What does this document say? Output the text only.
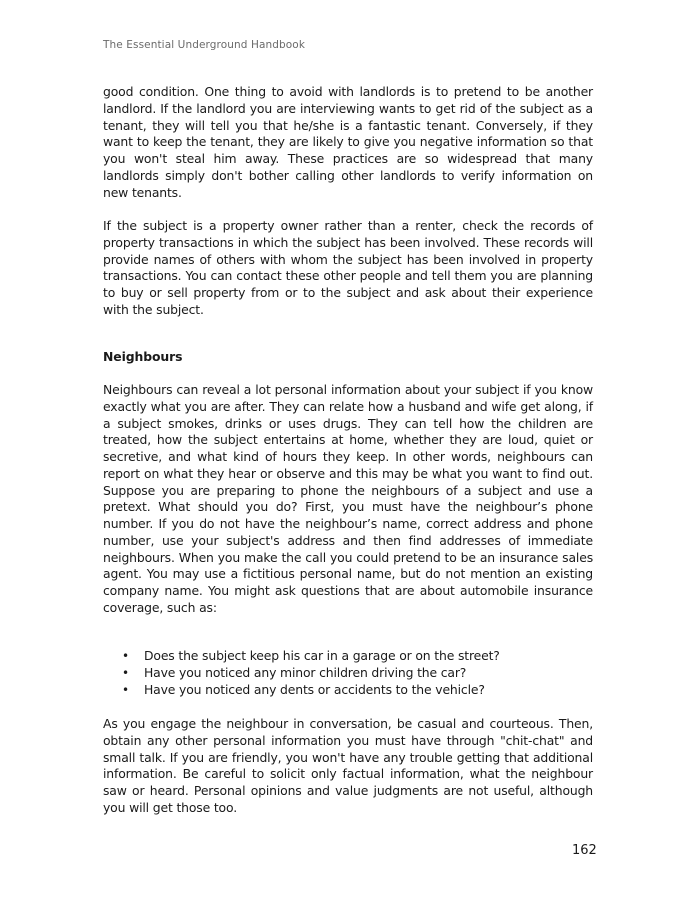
The Essential Underground Handbook

good condition. One thing to avoid with landlords is to pretend to be another landlord. If the landlord you are interviewing wants to get rid of the subject as a tenant, they will tell you that he/she is a fantastic tenant. Conversely, if they want to keep the tenant, they are likely to give you negative information so that you won't steal him away. These practices are so widespread that many landlords simply don't bother calling other landlords to verify information on new tenants.

If the subject is a property owner rather than a renter, check the records of property transactions in which the subject has been involved. These records will provide names of others with whom the subject has been involved in property transactions. You can contact these other people and tell them you are planning to buy or sell property from or to the subject and ask about their experience with the subject.

Neighbours

Neighbours can reveal a lot personal information about your subject if you know exactly what you are after. They can relate how a husband and wife get along, if a subject smokes, drinks or uses drugs. They can tell how the children are treated, how the subject entertains at home, whether they are loud, quiet or secretive, and what kind of hours they keep. In other words, neighbours can report on what they hear or observe and this may be what you want to find out. Suppose you are preparing to phone the neighbours of a subject and use a pretext. What should you do? First, you must have the neighbour’s phone number. If you do not have the neighbour’s name, correct address and phone number, use your subject's address and then find addresses of immediate neighbours. When you make the call you could pretend to be an insurance sales agent. You may use a fictitious personal name, but do not mention an existing company name. You might ask questions that are about automobile insurance coverage, such as:

• Does the subject keep his car in a garage or on the street?
• Have you noticed any minor children driving the car?
• Have you noticed any dents or accidents to the vehicle?

As you engage the neighbour in conversation, be casual and courteous. Then, obtain any other personal information you must have through "chit-chat" and small talk. If you are friendly, you won't have any trouble getting that additional information. Be careful to solicit only factual information, what the neighbour saw or heard. Personal opinions and value judgments are not useful, although you will get those too.

162
